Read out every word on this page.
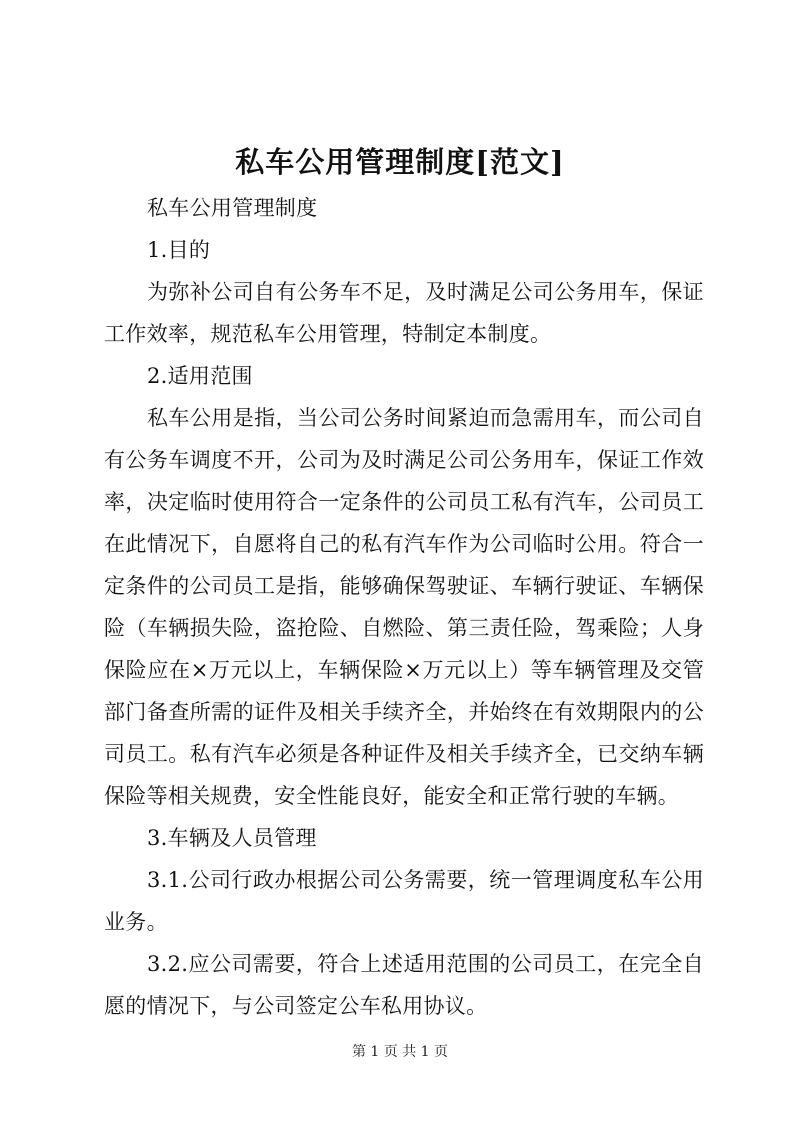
私车公用管理制度[范文]

私车公用管理制度

1.目的

为弥补公司自有公务车不足，及时满足公司公务用车，保证工作效率，规范私车公用管理，特制定本制度。

2.适用范围

私车公用是指，当公司公务时间紧迫而急需用车，而公司自有公务车调度不开，公司为及时满足公司公务用车，保证工作效率，决定临时使用符合一定条件的公司员工私有汽车，公司员工在此情况下，自愿将自己的私有汽车作为公司临时公用。符合一定条件的公司员工是指，能够确保驾驶证、车辆行驶证、车辆保险（车辆损失险，盗抢险、自燃险、第三责任险，驾乘险；人身保险应在×万元以上，车辆保险×万元以上）等车辆管理及交管部门备查所需的证件及相关手续齐全，并始终在有效期限内的公司员工。私有汽车必须是各种证件及相关手续齐全，已交纳车辆保险等相关规费，安全性能良好，能安全和正常行驶的车辆。

3.车辆及人员管理

3.1.公司行政办根据公司公务需要，统一管理调度私车公用业务。

3.2.应公司需要，符合上述适用范围的公司员工，在完全自愿的情况下，与公司签定公车私用协议。

第 1 页 共 1 页
